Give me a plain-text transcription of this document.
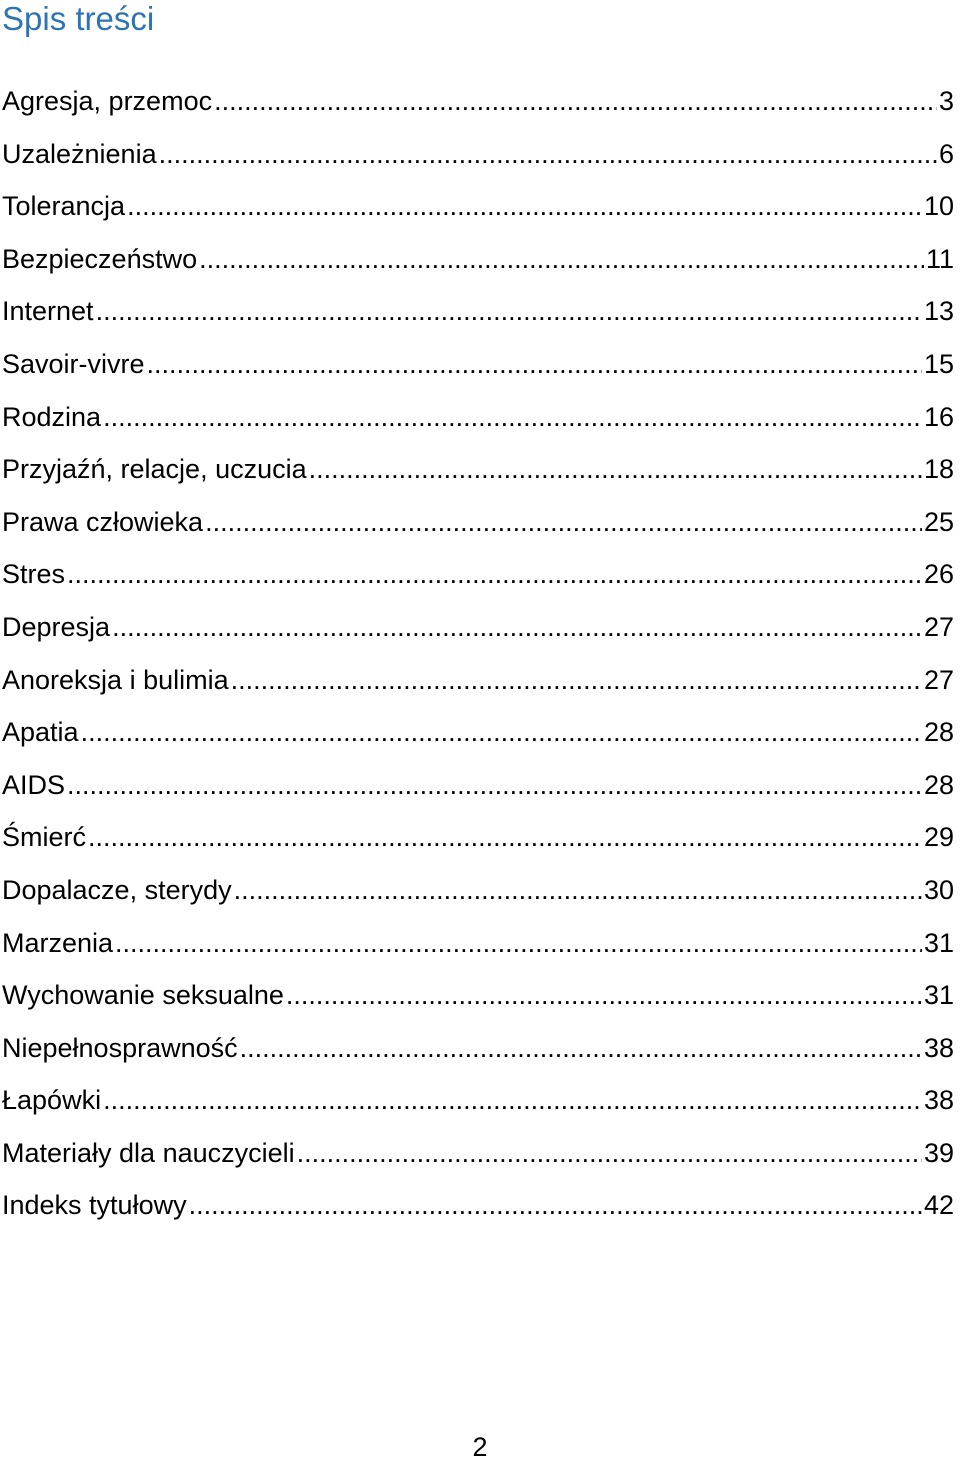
Spis treści
Agresja, przemoc .....	3
Uzależnienia .....	6
Tolerancja .....	10
Bezpieczeństwo .....	11
Internet .....	13
Savoir-vivre .....	15
Rodzina .....	16
Przyjaźń, relacje, uczucia .....	18
Prawa człowieka .....	25
Stres .....	26
Depresja .....	27
Anoreksja i bulimia .....	27
Apatia .....	28
AIDS .....	28
Śmierć .....	29
Dopalacze, sterydy .....	30
Marzenia .....	31
Wychowanie seksualne .....	31
Niepełnosprawność .....	38
Łapówki .....	38
Materiały dla nauczycieli .....	39
Indeks tytułowy .....	42
2
